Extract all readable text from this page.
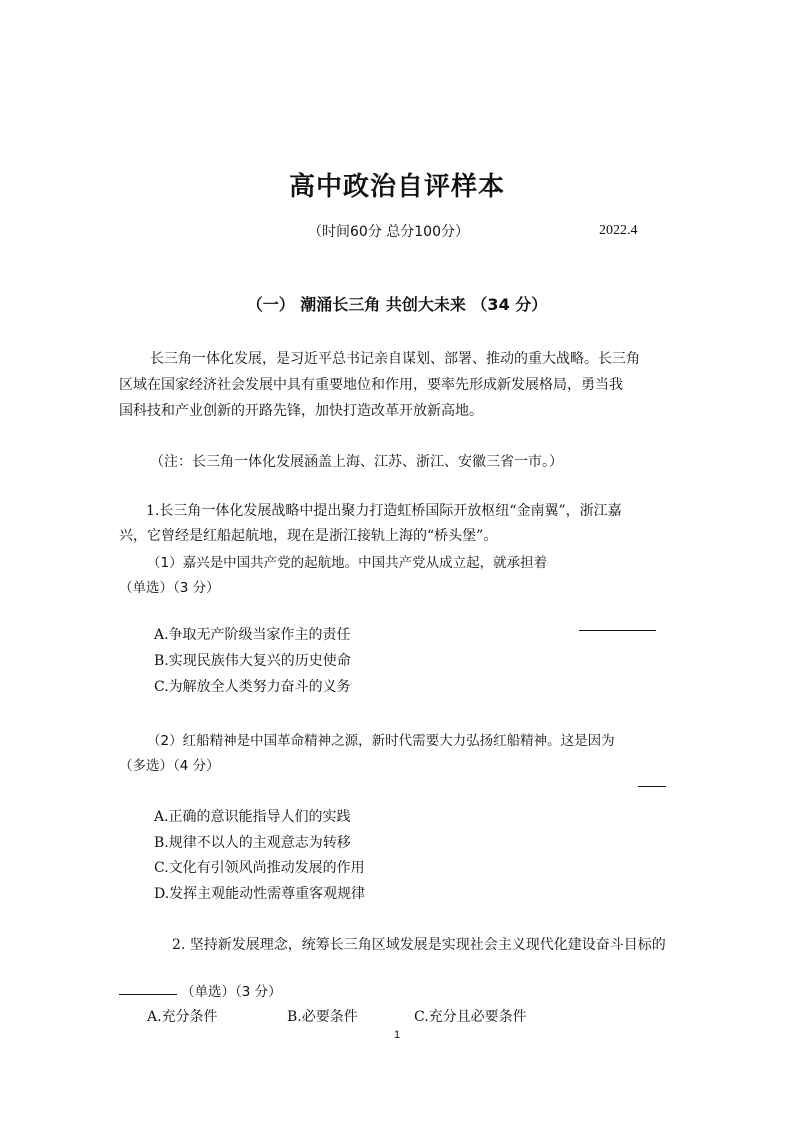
高中政治自评样本
（时间60分 总分100分）	2022.4
（一） 潮涌长三角 共创大未来 （34 分）
长三角一体化发展，是习近平总书记亲自谋划、部署、推动的重大战略。长三角
区域在国家经济社会发展中具有重要地位和作用，要率先形成新发展格局，勇当我
国科技和产业创新的开路先锋，加快打造改革开放新高地。
（注：长三角一体化发展涵盖上海、江苏、浙江、安徽三省一市。）
1.长三角一体化发展战略中提出聚力打造虹桥国际开放枢纽“金南翼”，浙江嘉
兴，它曾经是红船起航地，现在是浙江接轨上海的“桥头堡”。
（1）嘉兴是中国共产党的起航地。中国共产党从成立起，就承担着
（单选）（3 分）
A.争取无产阶级当家作主的责任
B.实现民族伟大复兴的历史使命
C.为解放全人类努力奋斗的义务
（2）红船精神是中国革命精神之源，新时代需要大力弘扬红船精神。这是因为
（多选）（4 分）
A.正确的意识能指导人们的实践
B.规律不以人的主观意志为转移
C.文化有引领风尚推动发展的作用
D.发挥主观能动性需尊重客观规律
2. 坚持新发展理念，统筹长三角区域发展是实现社会主义现代化建设奋斗目标的
（单选）（3 分）
A.充分条件	B.必要条件	C.充分且必要条件
1
